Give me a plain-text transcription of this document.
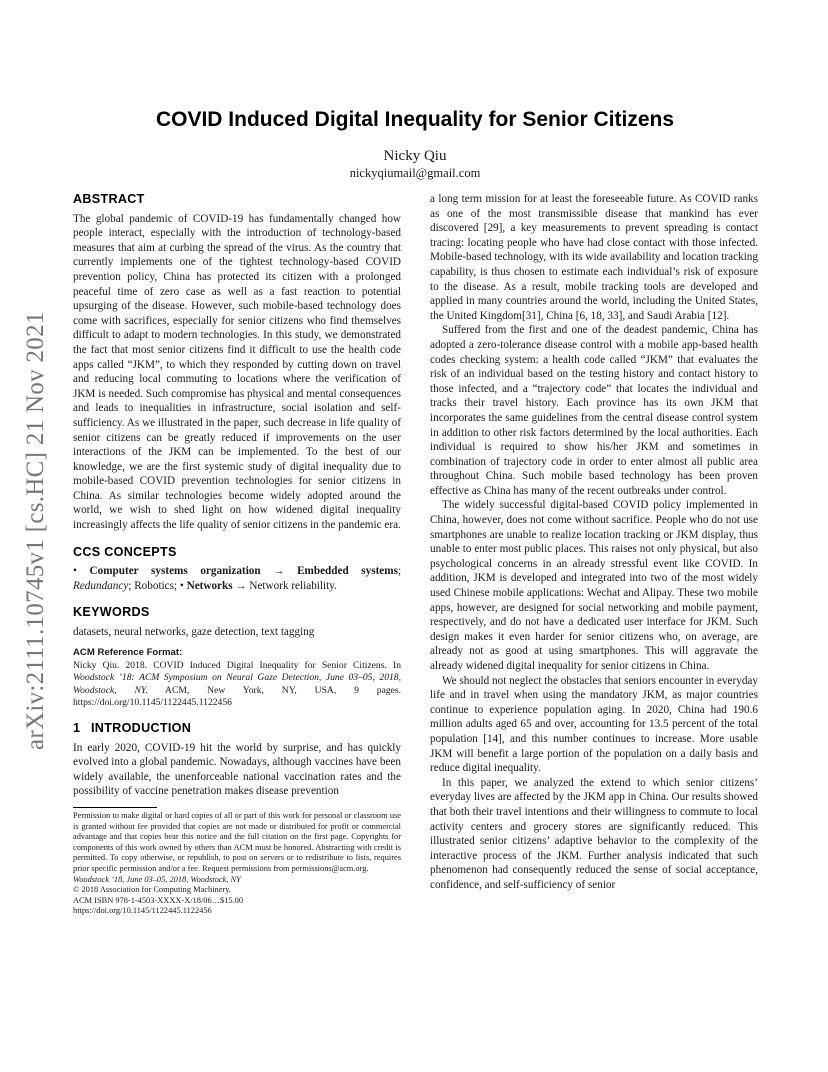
arXiv:2111.10745v1 [cs.HC] 21 Nov 2021
COVID Induced Digital Inequality for Senior Citizens
Nicky Qiu
nickyqiumail@gmail.com
ABSTRACT

The global pandemic of COVID-19 has fundamentally changed how people interact, especially with the introduction of technology-based measures that aim at curbing the spread of the virus. As the country that currently implements one of the tightest technology-based COVID prevention policy, China has protected its citizen with a prolonged peaceful time of zero case as well as a fast reaction to potential upsurging of the disease. However, such mobile-based technology does come with sacrifices, especially for senior citizens who find themselves difficult to adapt to modern technologies. In this study, we demonstrated the fact that most senior citizens find it difficult to use the health code apps called “JKM”, to which they responded by cutting down on travel and reducing local commuting to locations where the verification of JKM is needed. Such compromise has physical and mental consequences and leads to inequalities in infrastructure, social isolation and self-sufficiency. As we illustrated in the paper, such decrease in life quality of senior citizens can be greatly reduced if improvements on the user interactions of the JKM can be implemented. To the best of our knowledge, we are the first systemic study of digital inequality due to mobile-based COVID prevention technologies for senior citizens in China. As similar technologies become widely adopted around the world, we wish to shed light on how widened digital inequality increasingly affects the life quality of senior citizens in the pandemic era.

CCS CONCEPTS

• Computer systems organization → Embedded systems; Redundancy; Robotics; • Networks → Network reliability.

KEYWORDS

datasets, neural networks, gaze detection, text tagging

ACM Reference Format:

Nicky Qiu. 2018. COVID Induced Digital Inequality for Senior Citizens. In Woodstock ’18: ACM Symposium on Neural Gaze Detection, June 03–05, 2018, Woodstock, NY. ACM, New York, NY, USA, 9 pages. https://doi.org/10.1145/1122445.1122456

1 INTRODUCTION

In early 2020, COVID-19 hit the world by surprise, and has quickly evolved into a global pandemic. Nowadays, although vaccines have been widely available, the unenforceable national vaccination rates and the possibility of vaccine penetration makes disease prevention

Permission to make digital or hard copies of all or part of this work for personal or classroom use is granted without fee provided that copies are not made or distributed for profit or commercial advantage and that copies bear this notice and the full citation on the first page. Copyrights for components of this work owned by others than ACM must be honored. Abstracting with credit is permitted. To copy otherwise, or republish, to post on servers or to redistribute to lists, requires prior specific permission and/or a fee. Request permissions from permissions@acm.org.
Woodstock ’18, June 03–05, 2018, Woodstock, NY
© 2018 Association for Computing Machinery.
ACM ISBN 978-1-4503-XXXX-X/18/06…$15.00
https://doi.org/10.1145/1122445.1122456

a long term mission for at least the foreseeable future. As COVID ranks as one of the most transmissible disease that mankind has ever discovered [29], a key measurements to prevent spreading is contact tracing: locating people who have had close contact with those infected. Mobile-based technology, with its wide availability and location tracking capability, is thus chosen to estimate each individual’s risk of exposure to the disease. As a result, mobile tracking tools are developed and applied in many countries around the world, including the United States, the United Kingdom[31], China [6, 18, 33], and Saudi Arabia [12].

Suffered from the first and one of the deadest pandemic, China has adopted a zero-tolerance disease control with a mobile app-based health codes checking system: a health code called “JKM” that evaluates the risk of an individual based on the testing history and contact history to those infected, and a “trajectory code” that locates the individual and tracks their travel history. Each province has its own JKM that incorporates the same guidelines from the central disease control system in addition to other risk factors determined by the local authorities. Each individual is required to show his/her JKM and sometimes in combination of trajectory code in order to enter almost all public area throughout China. Such mobile based technology has been proven effective as China has many of the recent outbreaks under control.

The widely successful digital-based COVID policy implemented in China, however, does not come without sacrifice. People who do not use smartphones are unable to realize location tracking or JKM display, thus unable to enter most public places. This raises not only physical, but also psychological concerns in an already stressful event like COVID. In addition, JKM is developed and integrated into two of the most widely used Chinese mobile applications: Wechat and Alipay. These two mobile apps, however, are designed for social networking and mobile payment, respectively, and do not have a dedicated user interface for JKM. Such design makes it even harder for senior citizens who, on average, are already not as good at using smartphones. This will aggravate the already widened digital inequality for senior citizens in China.

We should not neglect the obstacles that seniors encounter in everyday life and in travel when using the mandatory JKM, as major countries continue to experience population aging. In 2020, China had 190.6 million adults aged 65 and over, accounting for 13.5 percent of the total population [14], and this number continues to increase. More usable JKM will benefit a large portion of the population on a daily basis and reduce digital inequality.

In this paper, we analyzed the extend to which senior citizens’ everyday lives are affected by the JKM app in China. Our results showed that both their travel intentions and their willingness to commute to local activity centers and grocery stores are significantly reduced. This illustrated senior citizens’ adaptive behavior to the complexity of the interactive process of the JKM. Further analysis indicated that such phenomenon had consequently reduced the sense of social acceptance, confidence, and self-sufficiency of senior
